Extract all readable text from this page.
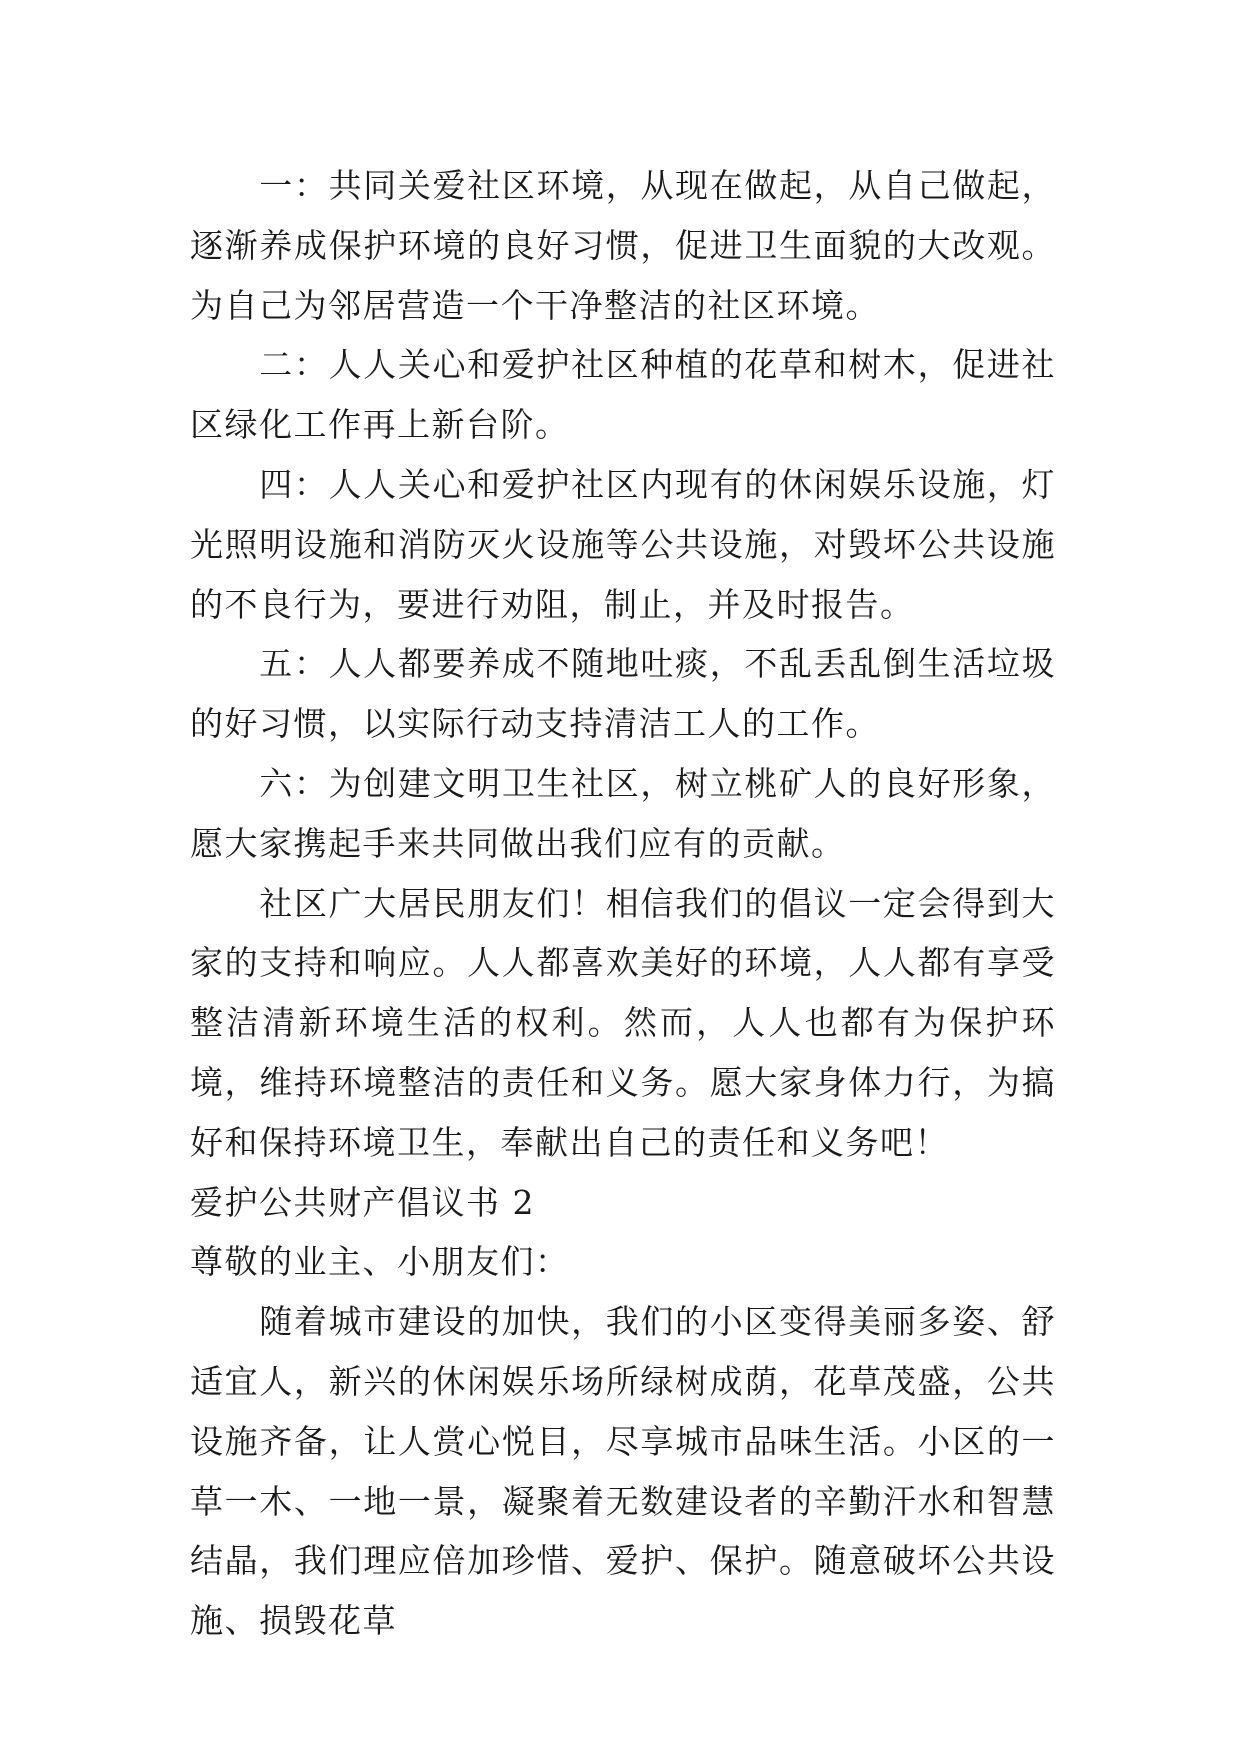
一：共同关爱社区环境，从现在做起，从自己做起，逐渐养成保护环境的良好习惯，促进卫生面貌的大改观。为自己为邻居营造一个干净整洁的社区环境。

二：人人关心和爱护社区种植的花草和树木，促进社区绿化工作再上新台阶。

四：人人关心和爱护社区内现有的休闲娱乐设施，灯光照明设施和消防灭火设施等公共设施，对毁坏公共设施的不良行为，要进行劝阻，制止，并及时报告。

五：人人都要养成不随地吐痰，不乱丢乱倒生活垃圾的好习惯，以实际行动支持清洁工人的工作。

六：为创建文明卫生社区，树立桃矿人的良好形象，愿大家携起手来共同做出我们应有的贡献。

社区广大居民朋友们！相信我们的倡议一定会得到大家的支持和响应。人人都喜欢美好的环境，人人都有享受整洁清新环境生活的权利。然而，人人也都有为保护环境，维持环境整洁的责任和义务。愿大家身体力行，为搞好和保持环境卫生，奉献出自己的责任和义务吧！

爱护公共财产倡议书 2

尊敬的业主、小朋友们：

随着城市建设的加快，我们的小区变得美丽多姿、舒适宜人，新兴的休闲娱乐场所绿树成荫，花草茂盛，公共设施齐备，让人赏心悦目，尽享城市品味生活。小区的一草一木、一地一景，凝聚着无数建设者的辛勤汗水和智慧结晶，我们理应倍加珍惜、爱护、保护。随意破坏公共设施、损毁花草
